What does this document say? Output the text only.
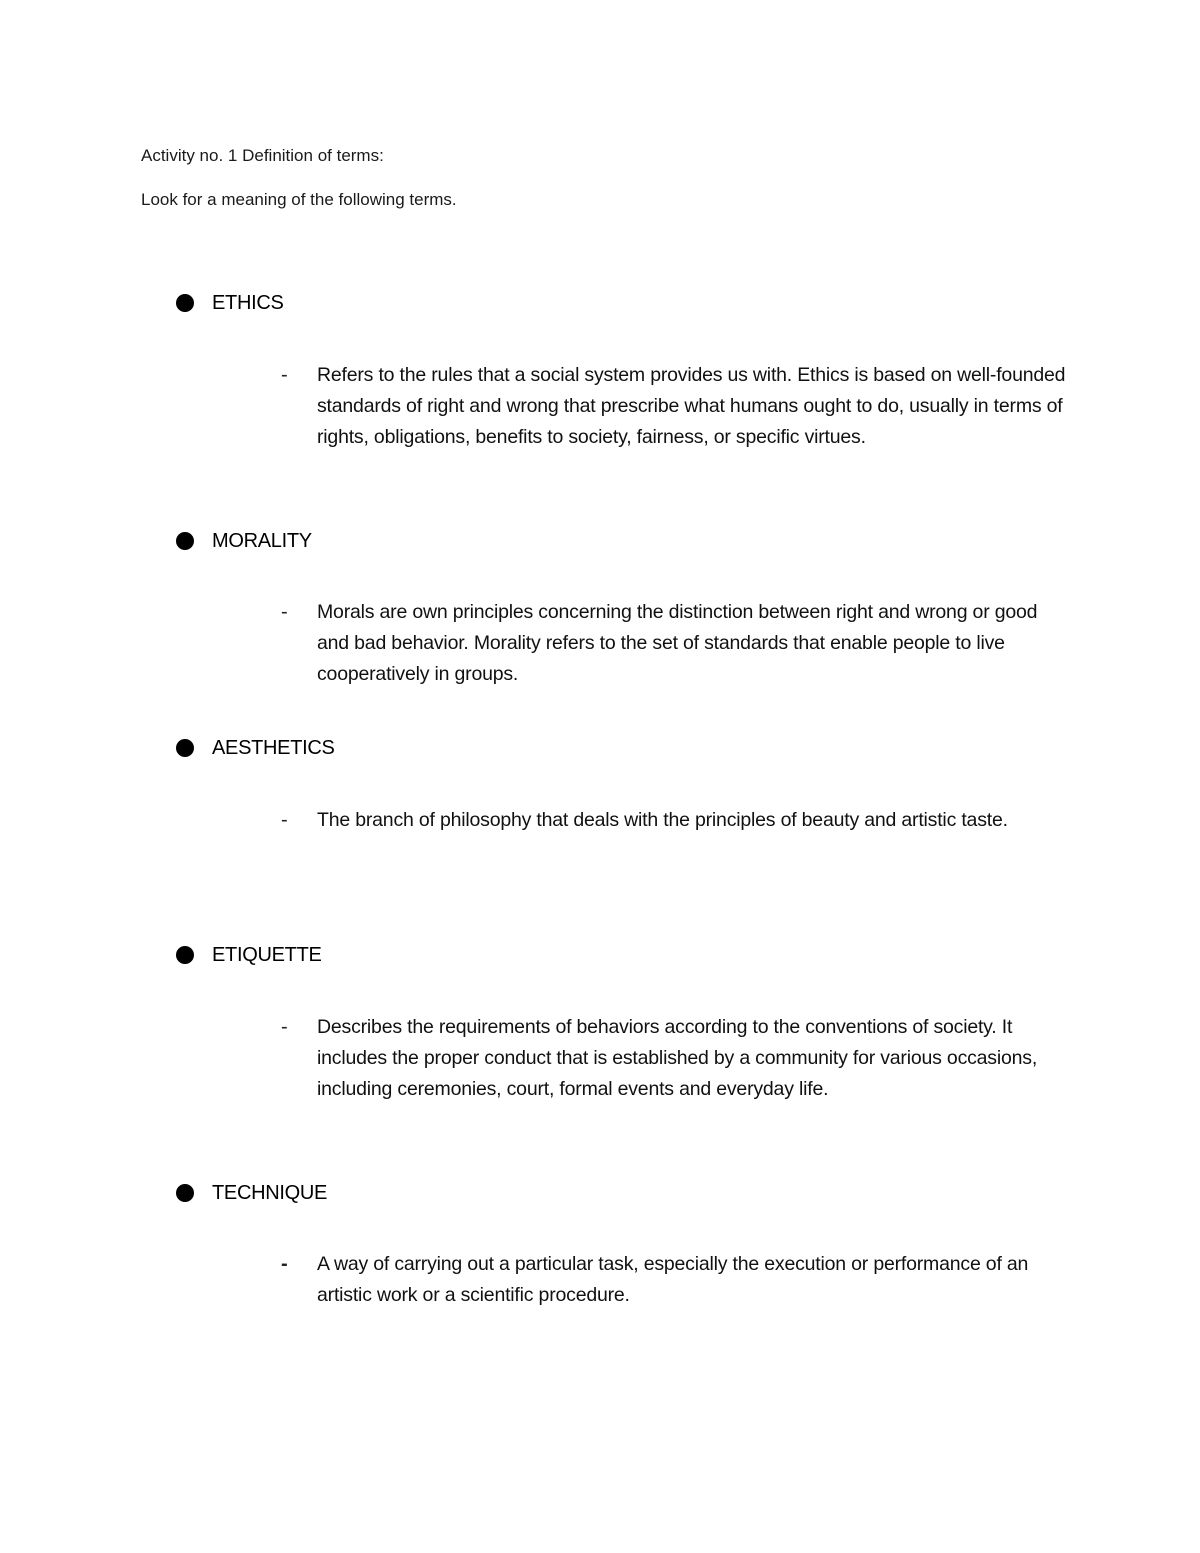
Activity no. 1 Definition of terms:
Look for a meaning of the following terms.
ETHICS
- Refers to the rules that a social system provides us with. Ethics is based on well-founded standards of right and wrong that prescribe what humans ought to do, usually in terms of rights, obligations, benefits to society, fairness, or specific virtues.
MORALITY
- Morals are own principles concerning the distinction between right and wrong or good and bad behavior. Morality refers to the set of standards that enable people to live cooperatively in groups.
AESTHETICS
- The branch of philosophy that deals with the principles of beauty and artistic taste.
ETIQUETTE
- Describes the requirements of behaviors according to the conventions of society. It includes the proper conduct that is established by a community for various occasions, including ceremonies, court, formal events and everyday life.
TECHNIQUE
- A way of carrying out a particular task, especially the execution or performance of an artistic work or a scientific procedure.
